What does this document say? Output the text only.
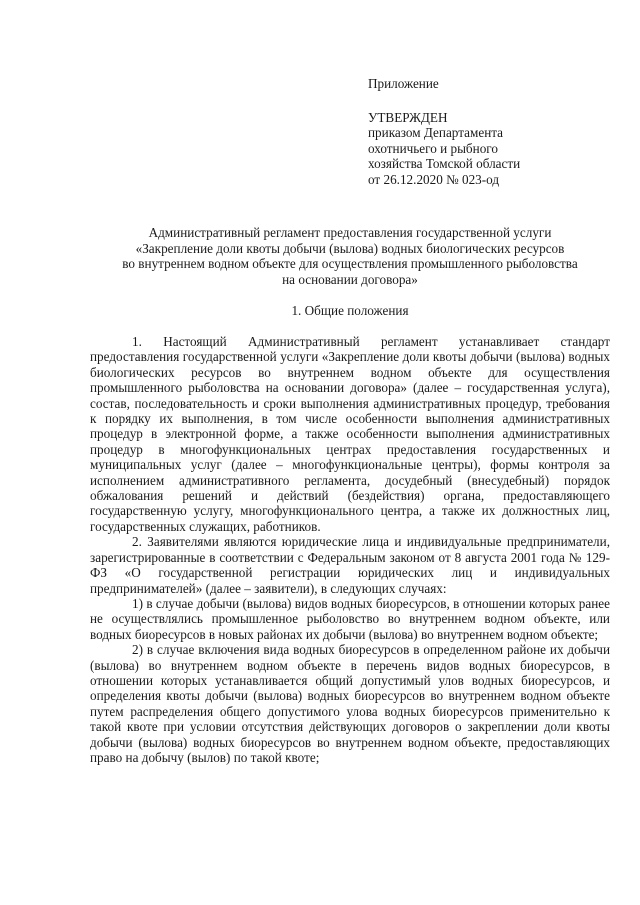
Приложение

УТВЕРЖДЕН
приказом Департамента
охотничьего и рыбного
хозяйства Томской области
от 26.12.2020 № 023-од

Административный регламент предоставления государственной услуги
«Закрепление доли квоты добычи (вылова) водных биологических ресурсов
во внутреннем водном объекте для осуществления промышленного рыболовства
на основании договора»
1. Общие положения

1. Настоящий Административный регламент устанавливает стандарт предоставления государственной услуги «Закрепление доли квоты добычи (вылова) водных биологических ресурсов во внутреннем водном объекте для осуществления промышленного рыболовства на основании договора» (далее – государственная услуга), состав, последовательность и сроки выполнения административных процедур, требования к порядку их выполнения, в том числе особенности выполнения административных процедур в электронной форме, а также особенности выполнения административных процедур в многофункциональных центрах предоставления государственных и муниципальных услуг (далее – многофункциональные центры), формы контроля за исполнением административного регламента, досудебный (внесудебный) порядок обжалования решений и действий (бездействия) органа, предоставляющего государственную услугу, многофункционального центра, а также их должностных лиц, государственных служащих, работников.

2. Заявителями являются юридические лица и индивидуальные предприниматели, зарегистрированные в соответствии с Федеральным законом от 8 августа 2001 года № 129-ФЗ «О государственной регистрации юридических лиц и индивидуальных предпринимателей» (далее – заявители), в следующих случаях:

1) в случае добычи (вылова) видов водных биоресурсов, в отношении которых ранее не осуществлялись промышленное рыболовство во внутреннем водном объекте, или водных биоресурсов в новых районах их добычи (вылова) во внутреннем водном объекте;

2) в случае включения вида водных биоресурсов в определенном районе их добычи (вылова) во внутреннем водном объекте в перечень видов водных биоресурсов, в отношении которых устанавливается общий допустимый улов водных биоресурсов, и определения квоты добычи (вылова) водных биоресурсов во внутреннем водном объекте путем распределения общего допустимого улова водных биоресурсов применительно к такой квоте при условии отсутствия действующих договоров о закреплении доли квоты добычи (вылова) водных биоресурсов во внутреннем водном объекте, предоставляющих право на добычу (вылов) по такой квоте;
